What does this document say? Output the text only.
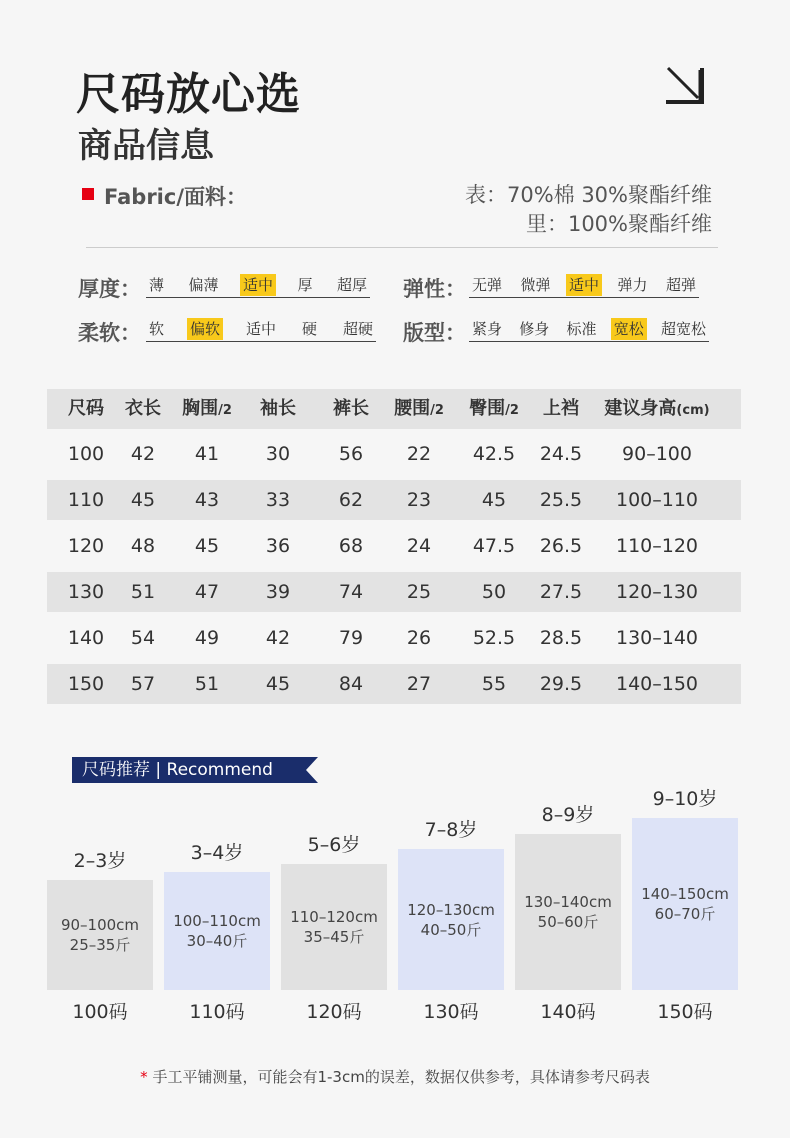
尺码放心选
商品信息
Fabric/面料：	表：70%棉 30%聚酯纤维
里：100%聚酯纤维
厚度： 薄 偏薄 适中 厚 超厚 弹性： 无弹 微弹 适中 弹力 超弹
柔软： 软 偏软 适中 硬 超硬 版型： 紧身 修身 标准 宽松 超宽松
尺码 衣长 胸围/2 袖长 裤长 腰围/2 臀围/2 上裆 建议身高(cm)
100 42 41 30	56 22 42.5 24.5 90–100
110 45 43 33	62 23	45 25.5 100–110
120 48 45 36	68 24 47.5 26.5 110–120
130 51 47 39	74 25	50 27.5 120–130
140 54 49 42	79 26 52.5 28.5 130–140
150 57 51 45	84 27	55 29.5 140–150
尺码推荐 | Recommend
90–100cm
25–35斤
2–3岁
100码
100–110cm
30–40斤
3–4岁
110码
110–120cm
35–45斤
5–6岁
120码
120–130cm
40–50斤
7–8岁
130码
130–140cm
50–60斤
8–9岁
140码
140–150cm
60–70斤
9–10岁
150码
* 手工平铺测量，可能会有1-3cm的误差，数据仅供参考，具体请参考尺码表
